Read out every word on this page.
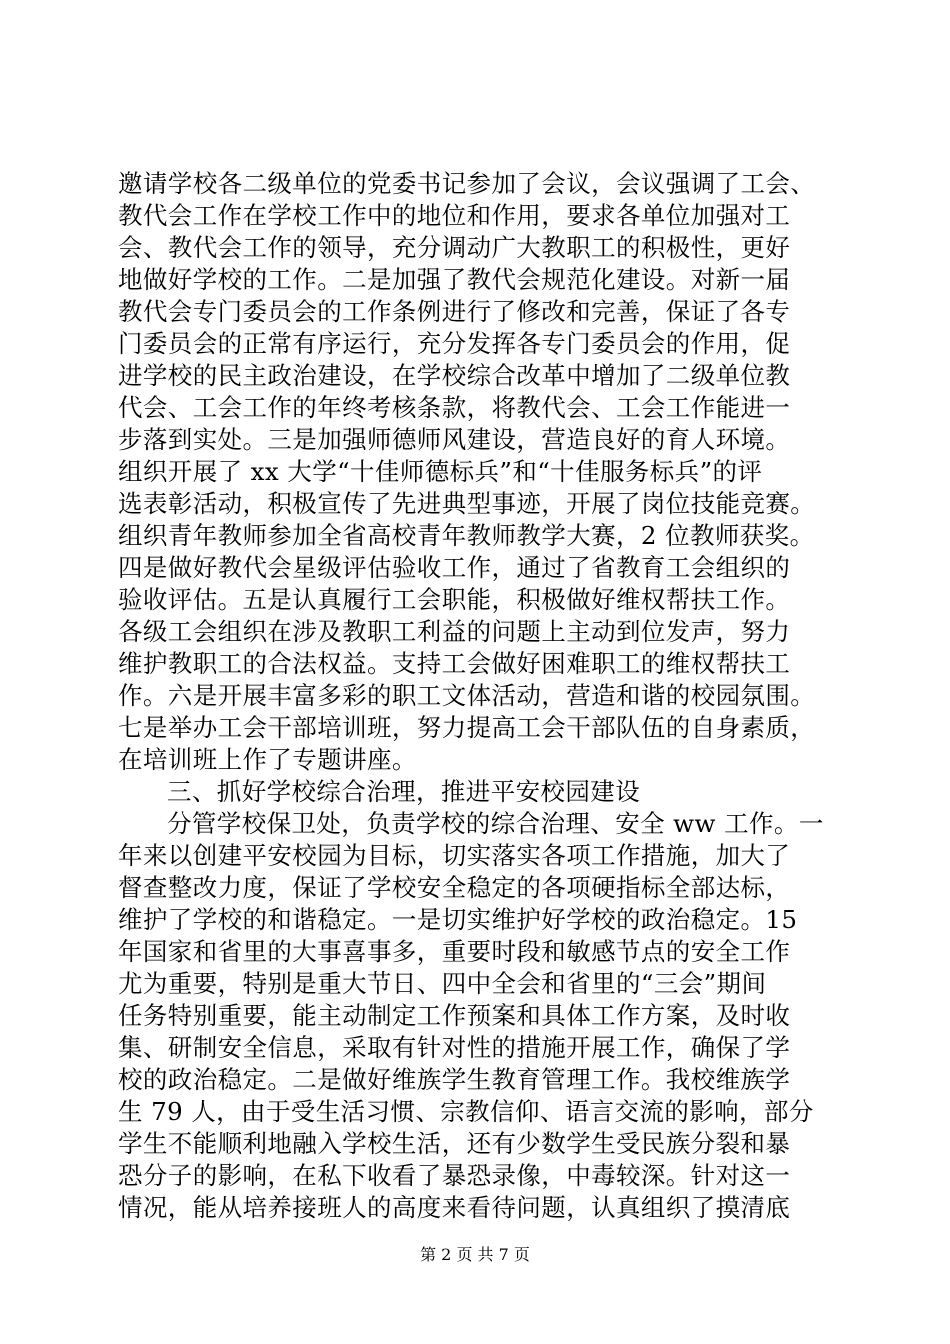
邀请学校各二级单位的党委书记参加了会议，会议强调了工会、
教代会工作在学校工作中的地位和作用，要求各单位加强对工
会、教代会工作的领导，充分调动广大教职工的积极性，更好
地做好学校的工作。二是加强了教代会规范化建设。对新一届
教代会专门委员会的工作条例进行了修改和完善，保证了各专
门委员会的正常有序运行，充分发挥各专门委员会的作用，促
进学校的民主政治建设，在学校综合改革中增加了二级单位教
代会、工会工作的年终考核条款，将教代会、工会工作能进一
步落到实处。三是加强师德师风建设，营造良好的育人环境。
组织开展了 xx 大学“十佳师德标兵”和“十佳服务标兵”的评
选表彰活动，积极宣传了先进典型事迹，开展了岗位技能竞赛。
组织青年教师参加全省高校青年教师教学大赛，2 位教师获奖。
四是做好教代会星级评估验收工作，通过了省教育工会组织的
验收评估。五是认真履行工会职能，积极做好维权帮扶工作。
各级工会组织在涉及教职工利益的问题上主动到位发声，努力
维护教职工的合法权益。支持工会做好困难职工的维权帮扶工
作。六是开展丰富多彩的职工文体活动，营造和谐的校园氛围。
七是举办工会干部培训班，努力提高工会干部队伍的自身素质，
在培训班上作了专题讲座。
三、抓好学校综合治理，推进平安校园建设
分管学校保卫处，负责学校的综合治理、安全 ww 工作。一
年来以创建平安校园为目标，切实落实各项工作措施，加大了
督查整改力度，保证了学校安全稳定的各项硬指标全部达标，
维护了学校的和谐稳定。一是切实维护好学校的政治稳定。15
年国家和省里的大事喜事多，重要时段和敏感节点的安全工作
尤为重要，特别是重大节日、四中全会和省里的“三会”期间
任务特别重要，能主动制定工作预案和具体工作方案，及时收
集、研制安全信息，采取有针对性的措施开展工作，确保了学
校的政治稳定。二是做好维族学生教育管理工作。我校维族学
生 79 人，由于受生活习惯、宗教信仰、语言交流的影响，部分
学生不能顺利地融入学校生活，还有少数学生受民族分裂和暴
恐分子的影响，在私下收看了暴恐录像，中毒较深。针对这一
情况，能从培养接班人的高度来看待问题，认真组织了摸清底
第 2 页 共 7 页
